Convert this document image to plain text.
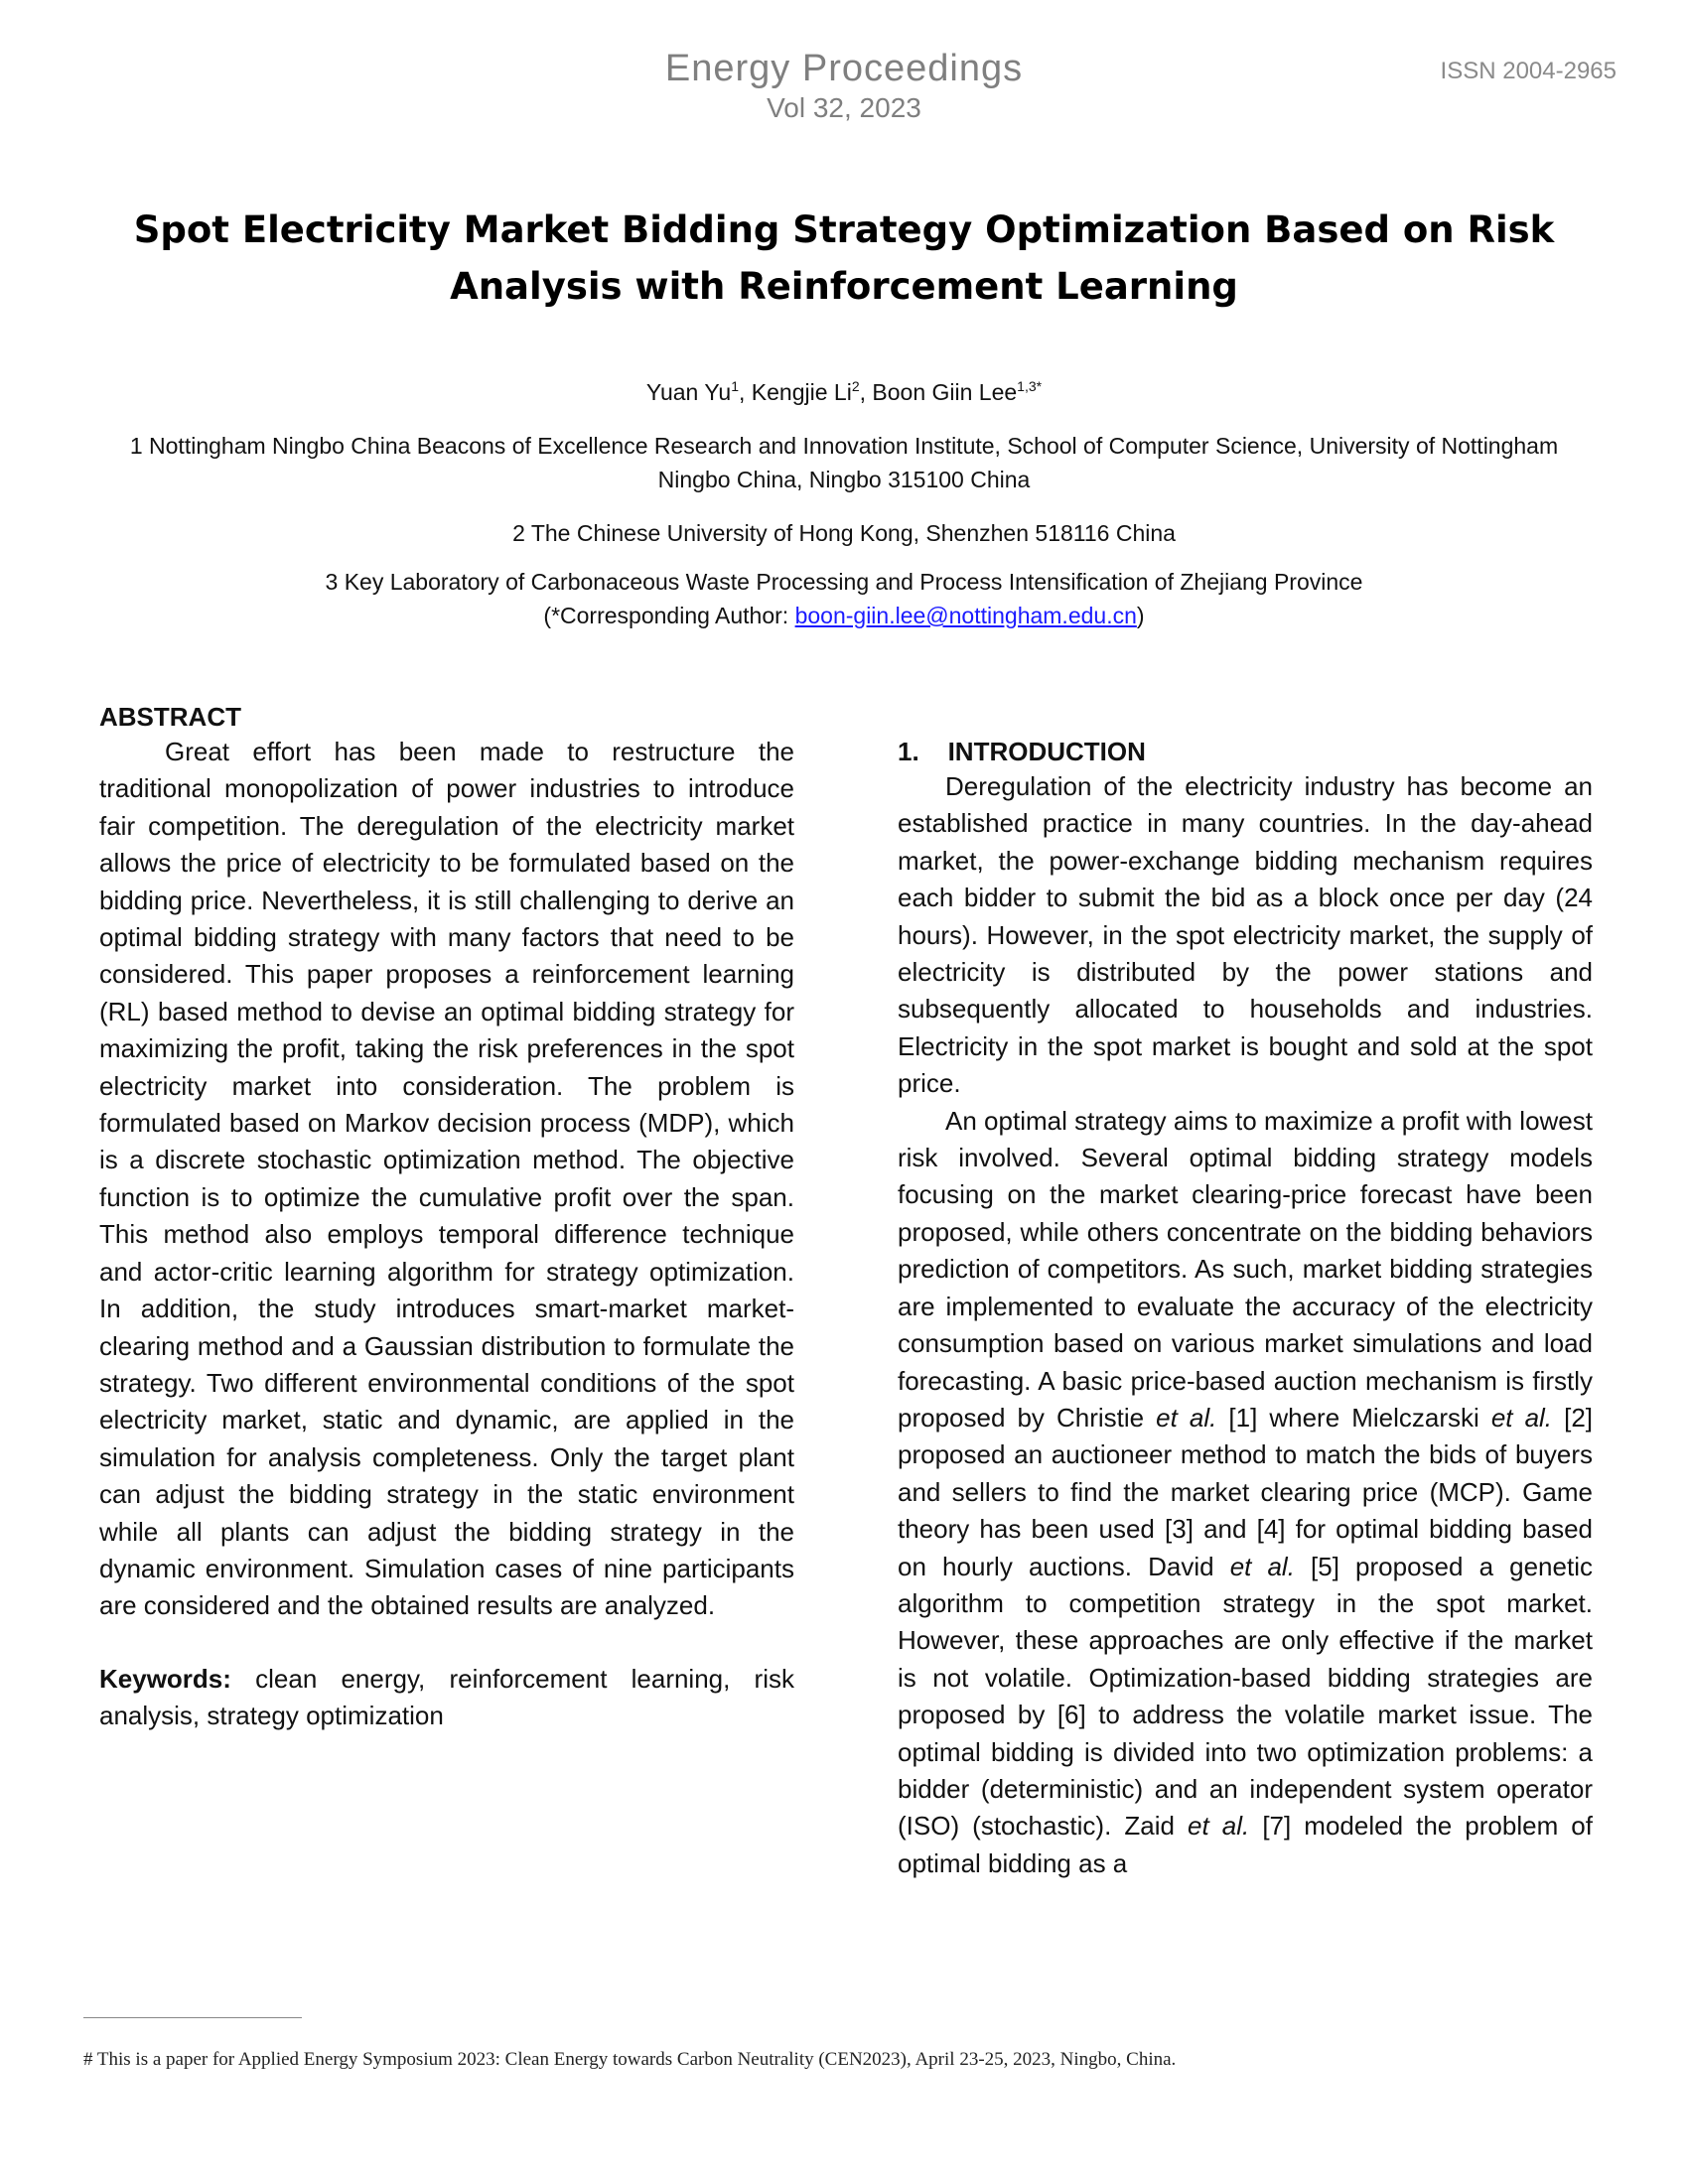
Energy Proceedings
Vol 32, 2023
ISSN 2004-2965
Spot Electricity Market Bidding Strategy Optimization Based on Risk Analysis with Reinforcement Learning
Yuan Yu$^1$, Kengjie Li$^2$, Boon Giin Lee$^{1,3*}$
1 Nottingham Ningbo China Beacons of Excellence Research and Innovation Institute, School of Computer Science, University of Nottingham Ningbo China, Ningbo 315100 China
2 The Chinese University of Hong Kong, Shenzhen 518116 China
3 Key Laboratory of Carbonaceous Waste Processing and Process Intensification of Zhejiang Province
(*Corresponding Author: boon-giin.lee@nottingham.edu.cn)

ABSTRACT

Great effort has been made to restructure the traditional monopolization of power industries to introduce fair competition. The deregulation of the electricity market allows the price of electricity to be formulated based on the bidding price. Nevertheless, it is still challenging to derive an optimal bidding strategy with many factors that need to be considered. This paper proposes a reinforcement learning (RL) based method to devise an optimal bidding strategy for maximizing the profit, taking the risk preferences in the spot electricity market into consideration. The problem is formulated based on Markov decision process (MDP), which is a discrete stochastic optimization method. The objective function is to optimize the cumulative profit over the span. This method also employs temporal difference technique and actor-critic learning algorithm for strategy optimization. In addition, the study introduces smart-market market-clearing method and a Gaussian distribution to formulate the strategy. Two different environmental conditions of the spot electricity market, static and dynamic, are applied in the simulation for analysis completeness. Only the target plant can adjust the bidding strategy in the static environment while all plants can adjust the bidding strategy in the dynamic environment. Simulation cases of nine participants are considered and the obtained results are analyzed.

Keywords: clean energy, reinforcement learning, risk analysis, strategy optimization

1.    INTRODUCTION

Deregulation of the electricity industry has become an established practice in many countries. In the day-ahead market, the power-exchange bidding mechanism requires each bidder to submit the bid as a block once per day (24 hours). However, in the spot electricity market, the supply of electricity is distributed by the power stations and subsequently allocated to households and industries. Electricity in the spot market is bought and sold at the spot price.

An optimal strategy aims to maximize a profit with lowest risk involved. Several optimal bidding strategy models focusing on the market clearing-price forecast have been proposed, while others concentrate on the bidding behaviors prediction of competitors. As such, market bidding strategies are implemented to evaluate the accuracy of the electricity consumption based on various market simulations and load forecasting. A basic price-based auction mechanism is firstly proposed by Christie et al. [1] where Mielczarski et al. [2] proposed an auctioneer method to match the bids of buyers and sellers to find the market clearing price (MCP). Game theory has been used [3] and [4] for optimal bidding based on hourly auctions. David et al. [5] proposed a genetic algorithm to competition strategy in the spot market. However, these approaches are only effective if the market is not volatile. Optimization-based bidding strategies are proposed by [6] to address the volatile market issue. The optimal bidding is divided into two optimization problems: a bidder (deterministic) and an independent system operator (ISO) (stochastic). Zaid et al. [7] modeled the problem of optimal bidding as a

# This is a paper for Applied Energy Symposium 2023: Clean Energy towards Carbon Neutrality (CEN2023), April 23-25, 2023, Ningbo, China.
